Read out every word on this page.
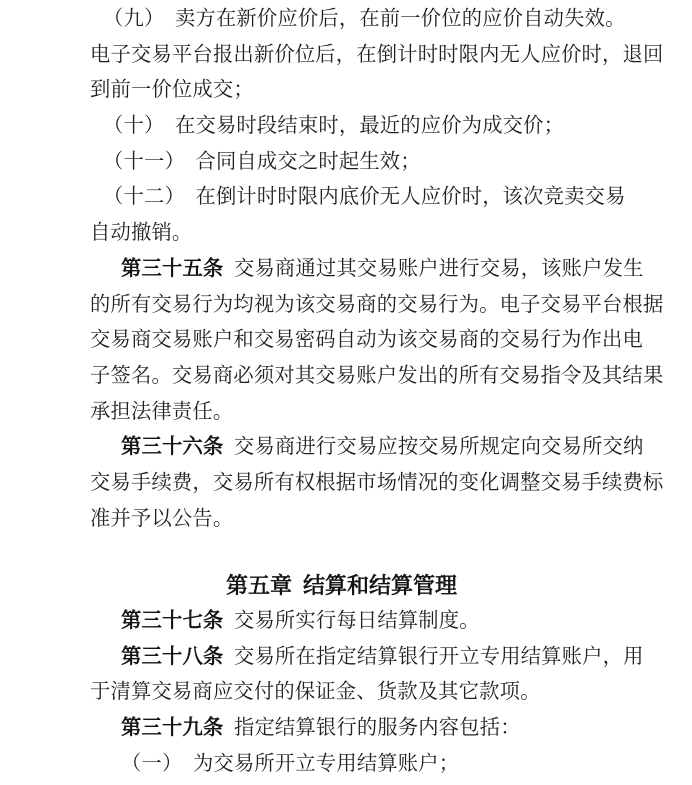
（九）  卖方在新价应价后，在前一价位的应价自动失效。
电子交易平台报出新价位后，在倒计时时限内无人应价时，退回
到前一价位成交；
（十）  在交易时段结束时，最近的应价为成交价；
（十一）  合同自成交之时起生效；
（十二）  在倒计时时限内底价无人应价时，该次竞卖交易
自动撤销。
第三十五条  交易商通过其交易账户进行交易，该账户发生
的所有交易行为均视为该交易商的交易行为。电子交易平台根据
交易商交易账户和交易密码自动为该交易商的交易行为作出电
子签名。交易商必须对其交易账户发出的所有交易指令及其结果
承担法律责任。
第三十六条  交易商进行交易应按交易所规定向交易所交纳
交易手续费，交易所有权根据市场情况的变化调整交易手续费标
准并予以公告。
第五章  结算和结算管理
第三十七条  交易所实行每日结算制度。
第三十八条  交易所在指定结算银行开立专用结算账户，用
于清算交易商应交付的保证金、货款及其它款项。
第三十九条  指定结算银行的服务内容包括：
（一）  为交易所开立专用结算账户；
